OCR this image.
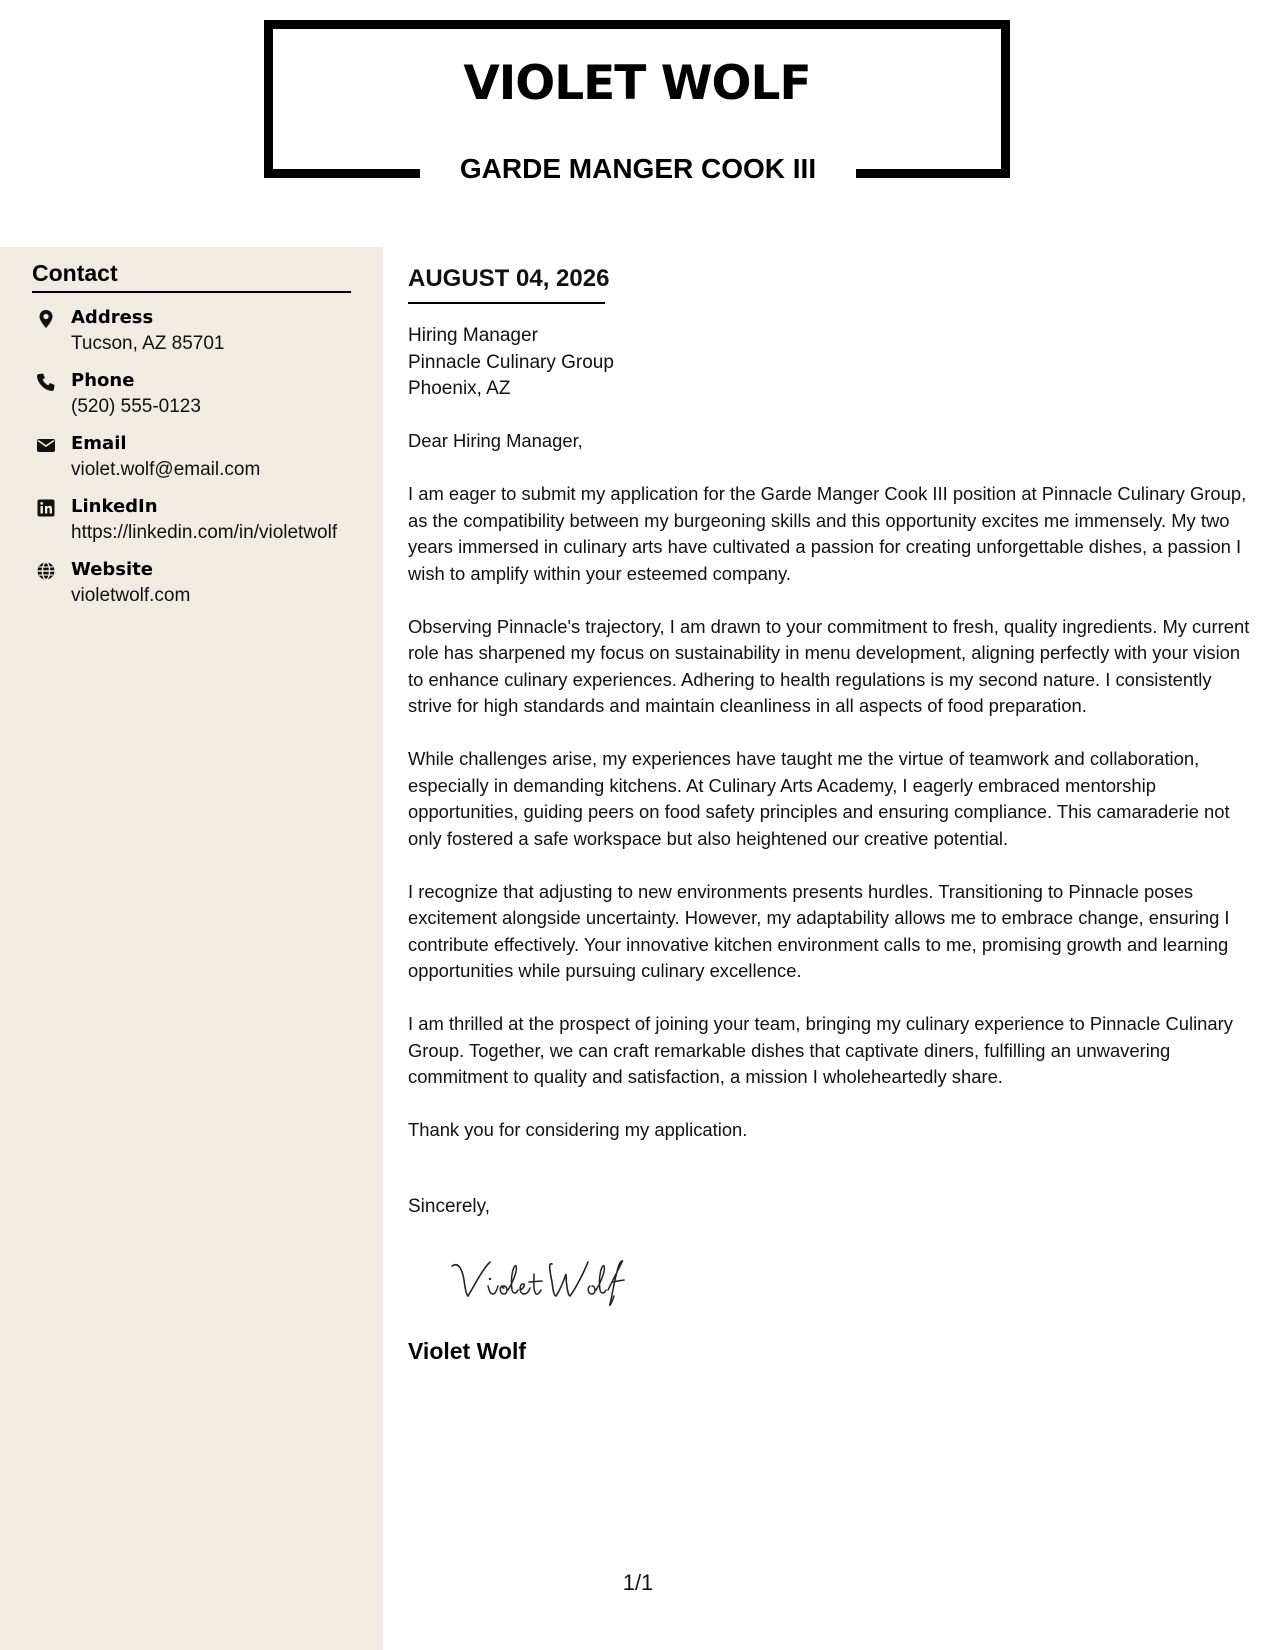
VIOLET WOLF
GARDE MANGER COOK III
Contact
Address
Tucson, AZ 85701
Phone
(520) 555-0123
Email
violet.wolf@email.com
LinkedIn
https://linkedin.com/in/violetwolf
Website
violetwolf.com
AUGUST 04, 2026
Hiring Manager
Pinnacle Culinary Group
Phoenix, AZ

Dear Hiring Manager,

I am eager to submit my application for the Garde Manger Cook III position at Pinnacle Culinary Group, as the compatibility between my burgeoning skills and this opportunity excites me immensely. My two years immersed in culinary arts have cultivated a passion for creating unforgettable dishes, a passion I wish to amplify within your esteemed company.

Observing Pinnacle's trajectory, I am drawn to your commitment to fresh, quality ingredients. My current role has sharpened my focus on sustainability in menu development, aligning perfectly with your vision to enhance culinary experiences. Adhering to health regulations is my second nature. I consistently strive for high standards and maintain cleanliness in all aspects of food preparation.

While challenges arise, my experiences have taught me the virtue of teamwork and collaboration, especially in demanding kitchens. At Culinary Arts Academy, I eagerly embraced mentorship opportunities, guiding peers on food safety principles and ensuring compliance. This camaraderie not only fostered a safe workspace but also heightened our creative potential.

I recognize that adjusting to new environments presents hurdles. Transitioning to Pinnacle poses excitement alongside uncertainty. However, my adaptability allows me to embrace change, ensuring I contribute effectively. Your innovative kitchen environment calls to me, promising growth and learning opportunities while pursuing culinary excellence.

I am thrilled at the prospect of joining your team, bringing my culinary experience to Pinnacle Culinary Group. Together, we can craft remarkable dishes that captivate diners, fulfilling an unwavering commitment to quality and satisfaction, a mission I wholeheartedly share.

Thank you for considering my application.

Sincerely,

Violet Wolf
1/1
